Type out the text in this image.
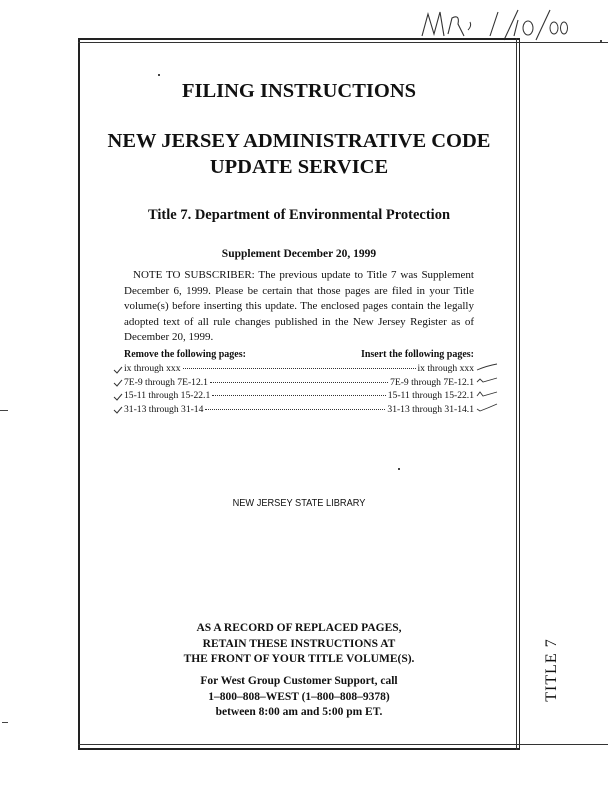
TITLE 7
FILING INSTRUCTIONS
NEW JERSEY ADMINISTRATIVE CODE
UPDATE SERVICE
Title 7. Department of Environmental Protection
Supplement December 20, 1999
NOTE TO SUBSCRIBER: The previous update to Title 7 was Supplement December 6, 1999. Please be certain that those pages are filed in your Title volume(s) before inserting this update. The enclosed pages contain the legally adopted text of all rule changes published in the New Jersey Register as of December 20, 1999.
Remove the following pages:	Insert the following pages:
ix through xxx	ix through xxx
7E-9 through 7E-12.1	7E-9 through 7E-12.1
15-11 through 15-22.1	15-11 through 15-22.1
31-13 through 31-14	31-13 through 31-14.1
NEW JERSEY STATE LIBRARY
AS A RECORD OF REPLACED PAGES,
RETAIN THESE INSTRUCTIONS AT
THE FRONT OF YOUR TITLE VOLUME(S).
For West Group Customer Support, call
1–800–808–WEST (1–800–808–9378)
between 8:00 am and 5:00 pm ET.
